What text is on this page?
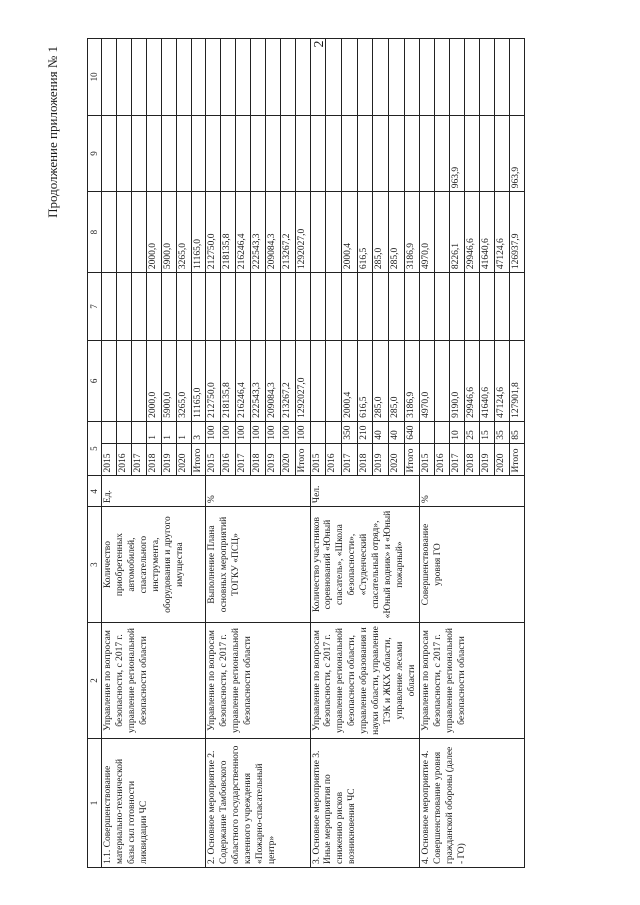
2
Продолжение приложения № 1
1	2	3	4	5		6	7	8	9	10
1.1. Совершенствование материально-технической базы сил готовности ликвидации ЧС	Управление по вопросам безопасности, с 2017 г. управление региональной безопасности области	Количество приобретенных автомобилей, спасательного инструмента, оборудования и другого имущества	Ед.	2015						
				2016						
				2017						
				2018	1	2000,0		2000,0		
				2019	1	5900,0		5900,0		
				2020	1	3265,0		3265,0		
				Итого	3	11165,0		11165,0		
2. Основное мероприятие 2. Содержание Тамбовского областного государственного казенного учреждения «Пожарно-спасательный центр»	Управление по вопросам безопасности, с 2017 г. управление региональной безопасности области	Выполнение Плана основных мероприятий ТОГКУ «ПСЦ»	%	2015	100	212750,0		212750,0		
				2016	100	218135,8		218135,8		
				2017	100	216246,4		216246,4		
				2018	100	222543,3		222543,3		
				2019	100	209084,3		209084,3		
				2020	100	213267,2		213267,2		
				Итого	100	1292027,0		1292027,0		
3. Основное мероприятие 3. Иные мероприятия по снижению рисков возникновения ЧС	Управление по вопросам безопасности, с 2017 г. управление региональной безопасности области, управление образования и науки области, управление ТЭК и ЖКХ области, управление лесами области	Количество участников соревнований «Юный спасатель», «Школа безопасности», «Студенческий спасательный отряд», «Юный водник» и «Юный пожарный»	Чел.	2015						
				2016						
				2017	350	2000,4		2000,4		
				2018	210	616,5		616,5		
				2019	40	285,0		285,0		
				2020	40	285,0		285,0		
				Итого	640	3186,9		3186,9		
4. Основное мероприятие 4. Совершенствование уровня гражданской обороны (далее - ГО)	Управление по вопросам безопасности, с 2017 г. управление региональной безопасности области	Совершенствование уровня ГО	%	2015		4970,0		4970,0		
				2016						
				2017	10	9190,0		8226,1	963,9	
				2018	25	29946,6		29946,6		
				2019	15	41640,6		41640,6		
				2020	35	47124,6		47124,6		
				Итого	85	127901,8		126937,9	963,9	
